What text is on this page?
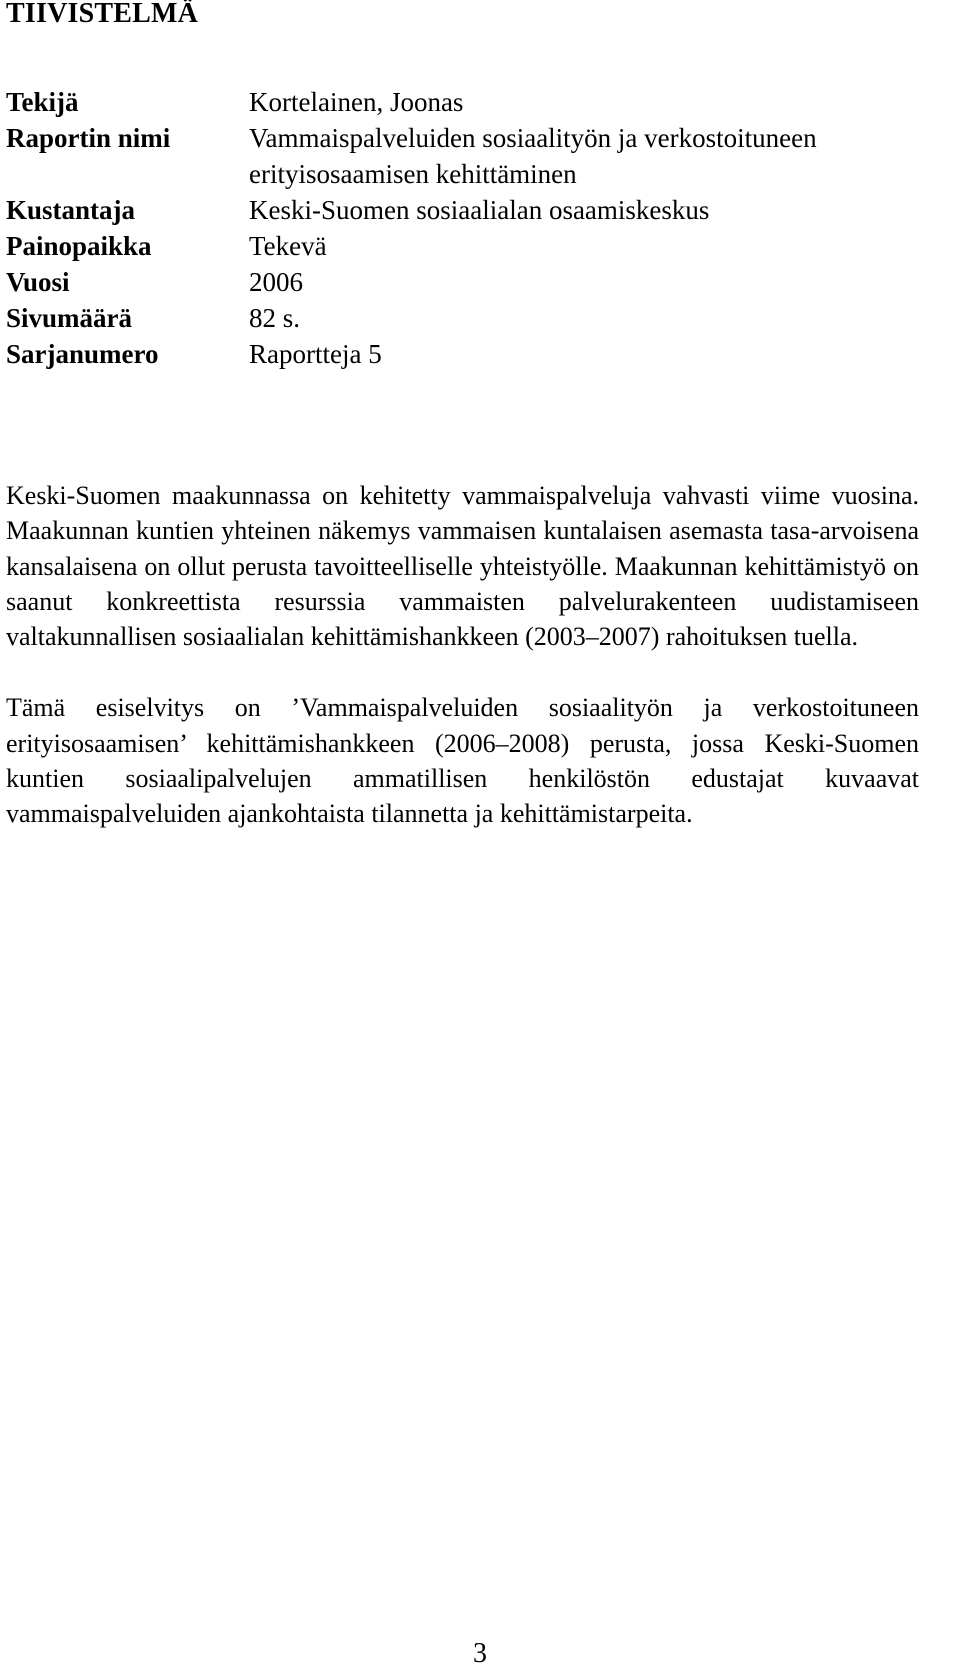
TIIVISTELMÄ
Tekijä	Kortelainen, Joonas
Raportin nimi	Vammaispalveluiden sosiaalityön ja verkostoituneen
erityisosaamisen kehittäminen
Kustantaja	Keski-Suomen sosiaalialan osaamiskeskus
Painopaikka	Tekevä
Vuosi	2006
Sivumäärä	82 s.
Sarjanumero	Raportteja 5

Keski-Suomen maakunnassa on kehitetty vammaispalveluja vahvasti viime vuosina. Maakunnan kuntien yhteinen näkemys vammaisen kuntalaisen asemasta tasa-arvoisena kansalaisena on ollut perusta tavoitteelliselle yhteistyölle. Maakunnan kehittämistyö on saanut konkreettista resurssia vammaisten palvelurakenteen uudistamiseen valtakunnallisen sosiaalialan kehittämishankkeen (2003–2007) rahoituksen tuella.

Tämä esiselvitys on ’Vammaispalveluiden sosiaalityön ja verkostoituneen erityisosaamisen’ kehittämishankkeen (2006–2008) perusta, jossa Keski-Suomen kuntien sosiaalipalvelujen ammatillisen henkilöstön edustajat kuvaavat vammaispalveluiden ajankohtaista tilannetta ja kehittämistarpeita.

3
